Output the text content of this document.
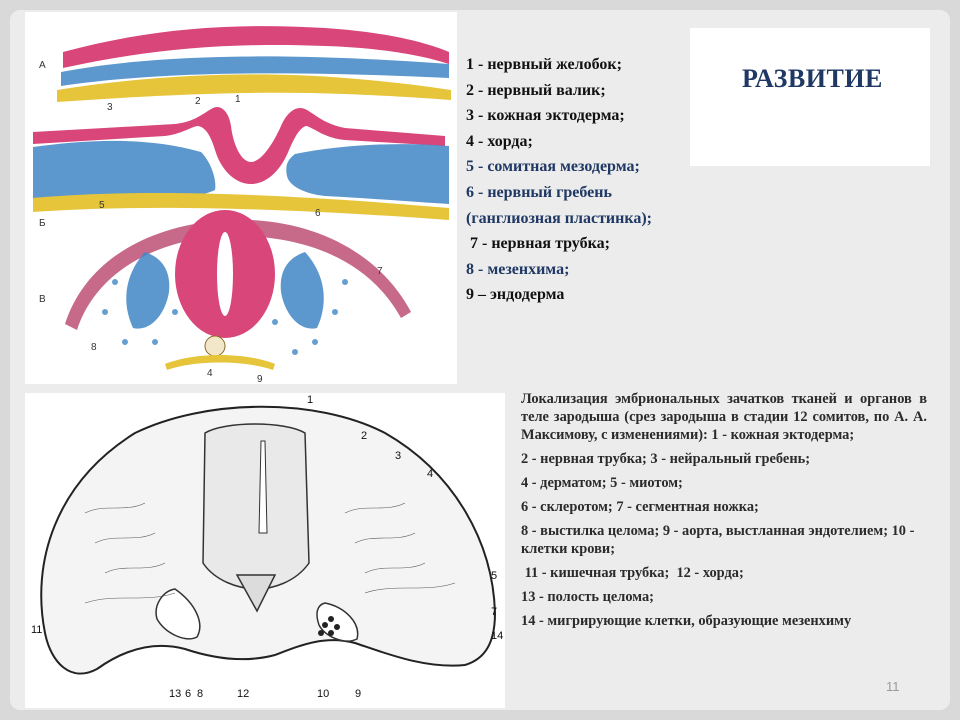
РАЗВИТИЕ
А
Б
В
1
2
3
4
5
6
7
8
9
1 - нервный желобок;
2 - нервный валик;
3 - кожная эктодерма;
4 - хорда;
5 - сомитная мезодерма;
6 - нервный гребень
(ганглиозная пластинка);
7 - нервная трубка;
8 - мезенхима;
9 – эндодерма
1
2
3
4
5
6
7
8	9
10
11
12
13
14
Локализация эмбриональных зачатков тканей и органов в теле зародыша (срез зародыша в стадии 12 сомитов, по А. А. Максимову, с изменениями): 1 - кожная эктодерма;
2 - нервная трубка; 3 - нейральный гребень;
4 - дерматом; 5 - миотом;
6 - склеротом; 7 - сегментная ножка;
8 - выстилка целома; 9 - аорта, выстланная эндотелием; 10 - клетки крови;
11 - кишечная трубка;  12 - хорда;
13 - полость целома;
14 - мигрирующие клетки, образующие мезенхиму
11
